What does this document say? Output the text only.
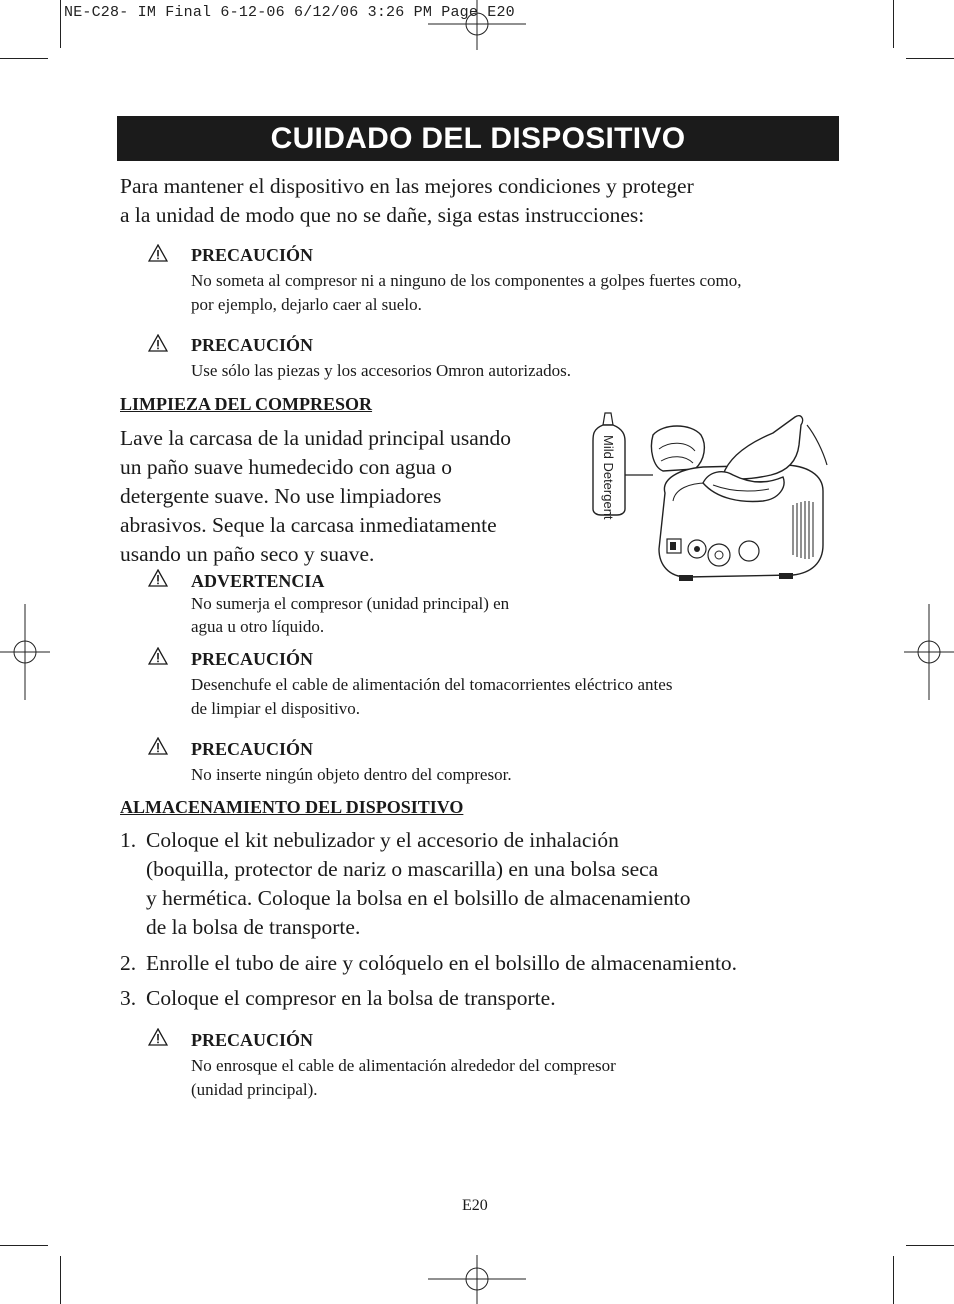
NE-C28- IM Final 6-12-06 6/12/06 3:26 PM Page E20
CUIDADO DEL DISPOSITIVO
Para mantener el dispositivo en las mejores condiciones y proteger
a la unidad de modo que no se dañe, siga estas instrucciones:
PRECAUCIÓN
No someta al compresor ni a ninguno de los componentes a golpes fuertes como,
por ejemplo, dejarlo caer al suelo.
PRECAUCIÓN
Use sólo las piezas y los accesorios Omron autorizados.
LIMPIEZA DEL COMPRESOR
Lave la carcasa de la unidad principal usando
un paño suave humedecido con agua o
detergente suave. No use limpiadores
abrasivos. Seque la carcasa inmediatamente
usando un paño seco y suave.
Mild Detergent
ADVERTENCIA
No sumerja el compresor (unidad principal) en
agua u otro líquido.
PRECAUCIÓN
Desenchufe el cable de alimentación del tomacorrientes eléctrico antes
de limpiar el dispositivo.
PRECAUCIÓN
No inserte ningún objeto dentro del compresor.
ALMACENAMIENTO DEL DISPOSITIVO
1. Coloque el kit nebulizador y el accesorio de inhalación
(boquilla, protector de nariz o mascarilla) en una bolsa seca
y hermética. Coloque la bolsa en el bolsillo de almacenamiento
de la bolsa de transporte.
2. Enrolle el tubo de aire y colóquelo en el bolsillo de almacenamiento.
3. Coloque el compresor en la bolsa de transporte.
PRECAUCIÓN
No enrosque el cable de alimentación alrededor del compresor
(unidad principal).
E20
